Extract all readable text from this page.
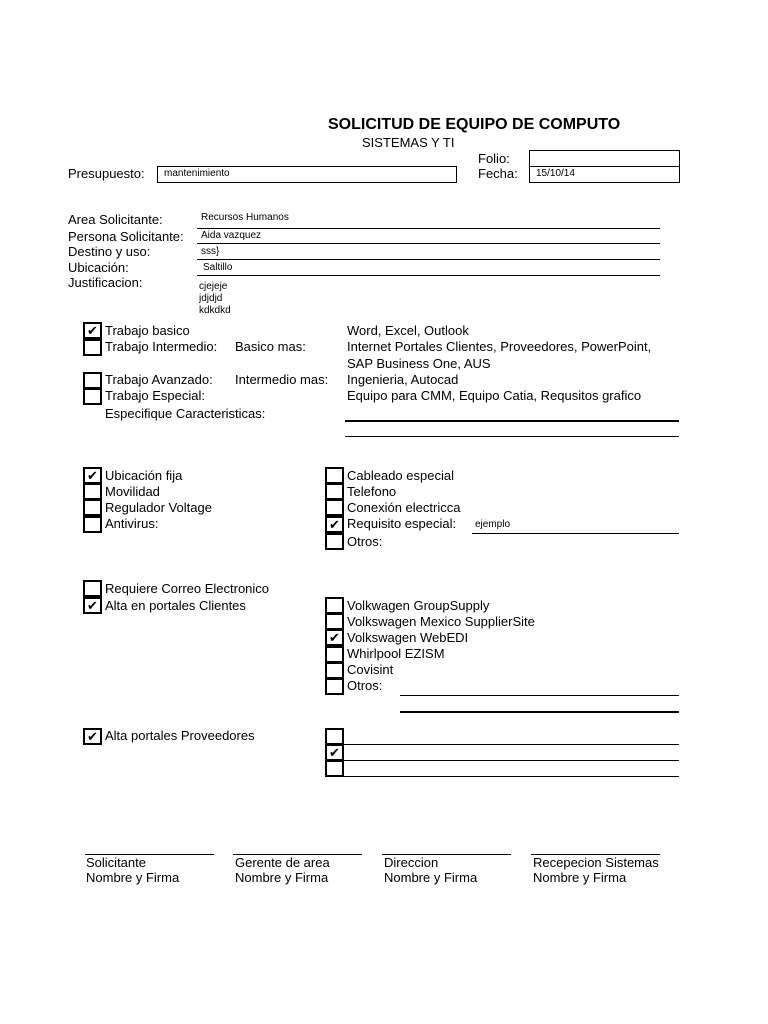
SOLICITUD DE EQUIPO DE COMPUTO
SISTEMAS Y TI
Presupuesto:	mantenimiento
Folio:
Fecha:	15/10/14
Area Solicitante:	Recursos Humanos
Persona Solicitante: Aida vazquez
Destino y uso:	sss}
Ubicación:	Saltillo
Justificacion:	cjejeje
jdjdjd
kdkdkd
✔ Trabajo basico	Word, Excel, Outlook
Trabajo Intermedio: Basico mas:	Internet Portales Clientes, Proveedores, PowerPoint,
SAP Business One, AUS
Trabajo Avanzado: Intermedio mas: Ingenieria, Autocad
Trabajo Especial:	Equipo para CMM, Equipo Catia, Requsitos grafico
Especifique Caracteristicas:
✔ Ubicación fija
Movilidad
Regulador Voltage
Antivirus:
Cableado especial
Telefono
Conexión electricca
✔ Requisito especial: ejemplo
Otros:
Requiere Correo Electronico
✔ Alta en portales Clientes	Volkwagen GroupSupply
Volkswagen Mexico SupplierSite
✔ Volkswagen WebEDI
Whirlpool EZISM
Covisint
Otros:
✔ Alta portales Proveedores
✔
Solicitante
Nombre y Firma
Gerente de area
Nombre y Firma
Direccion
Nombre y Firma
Recepecion Sistemas
Nombre y Firma
